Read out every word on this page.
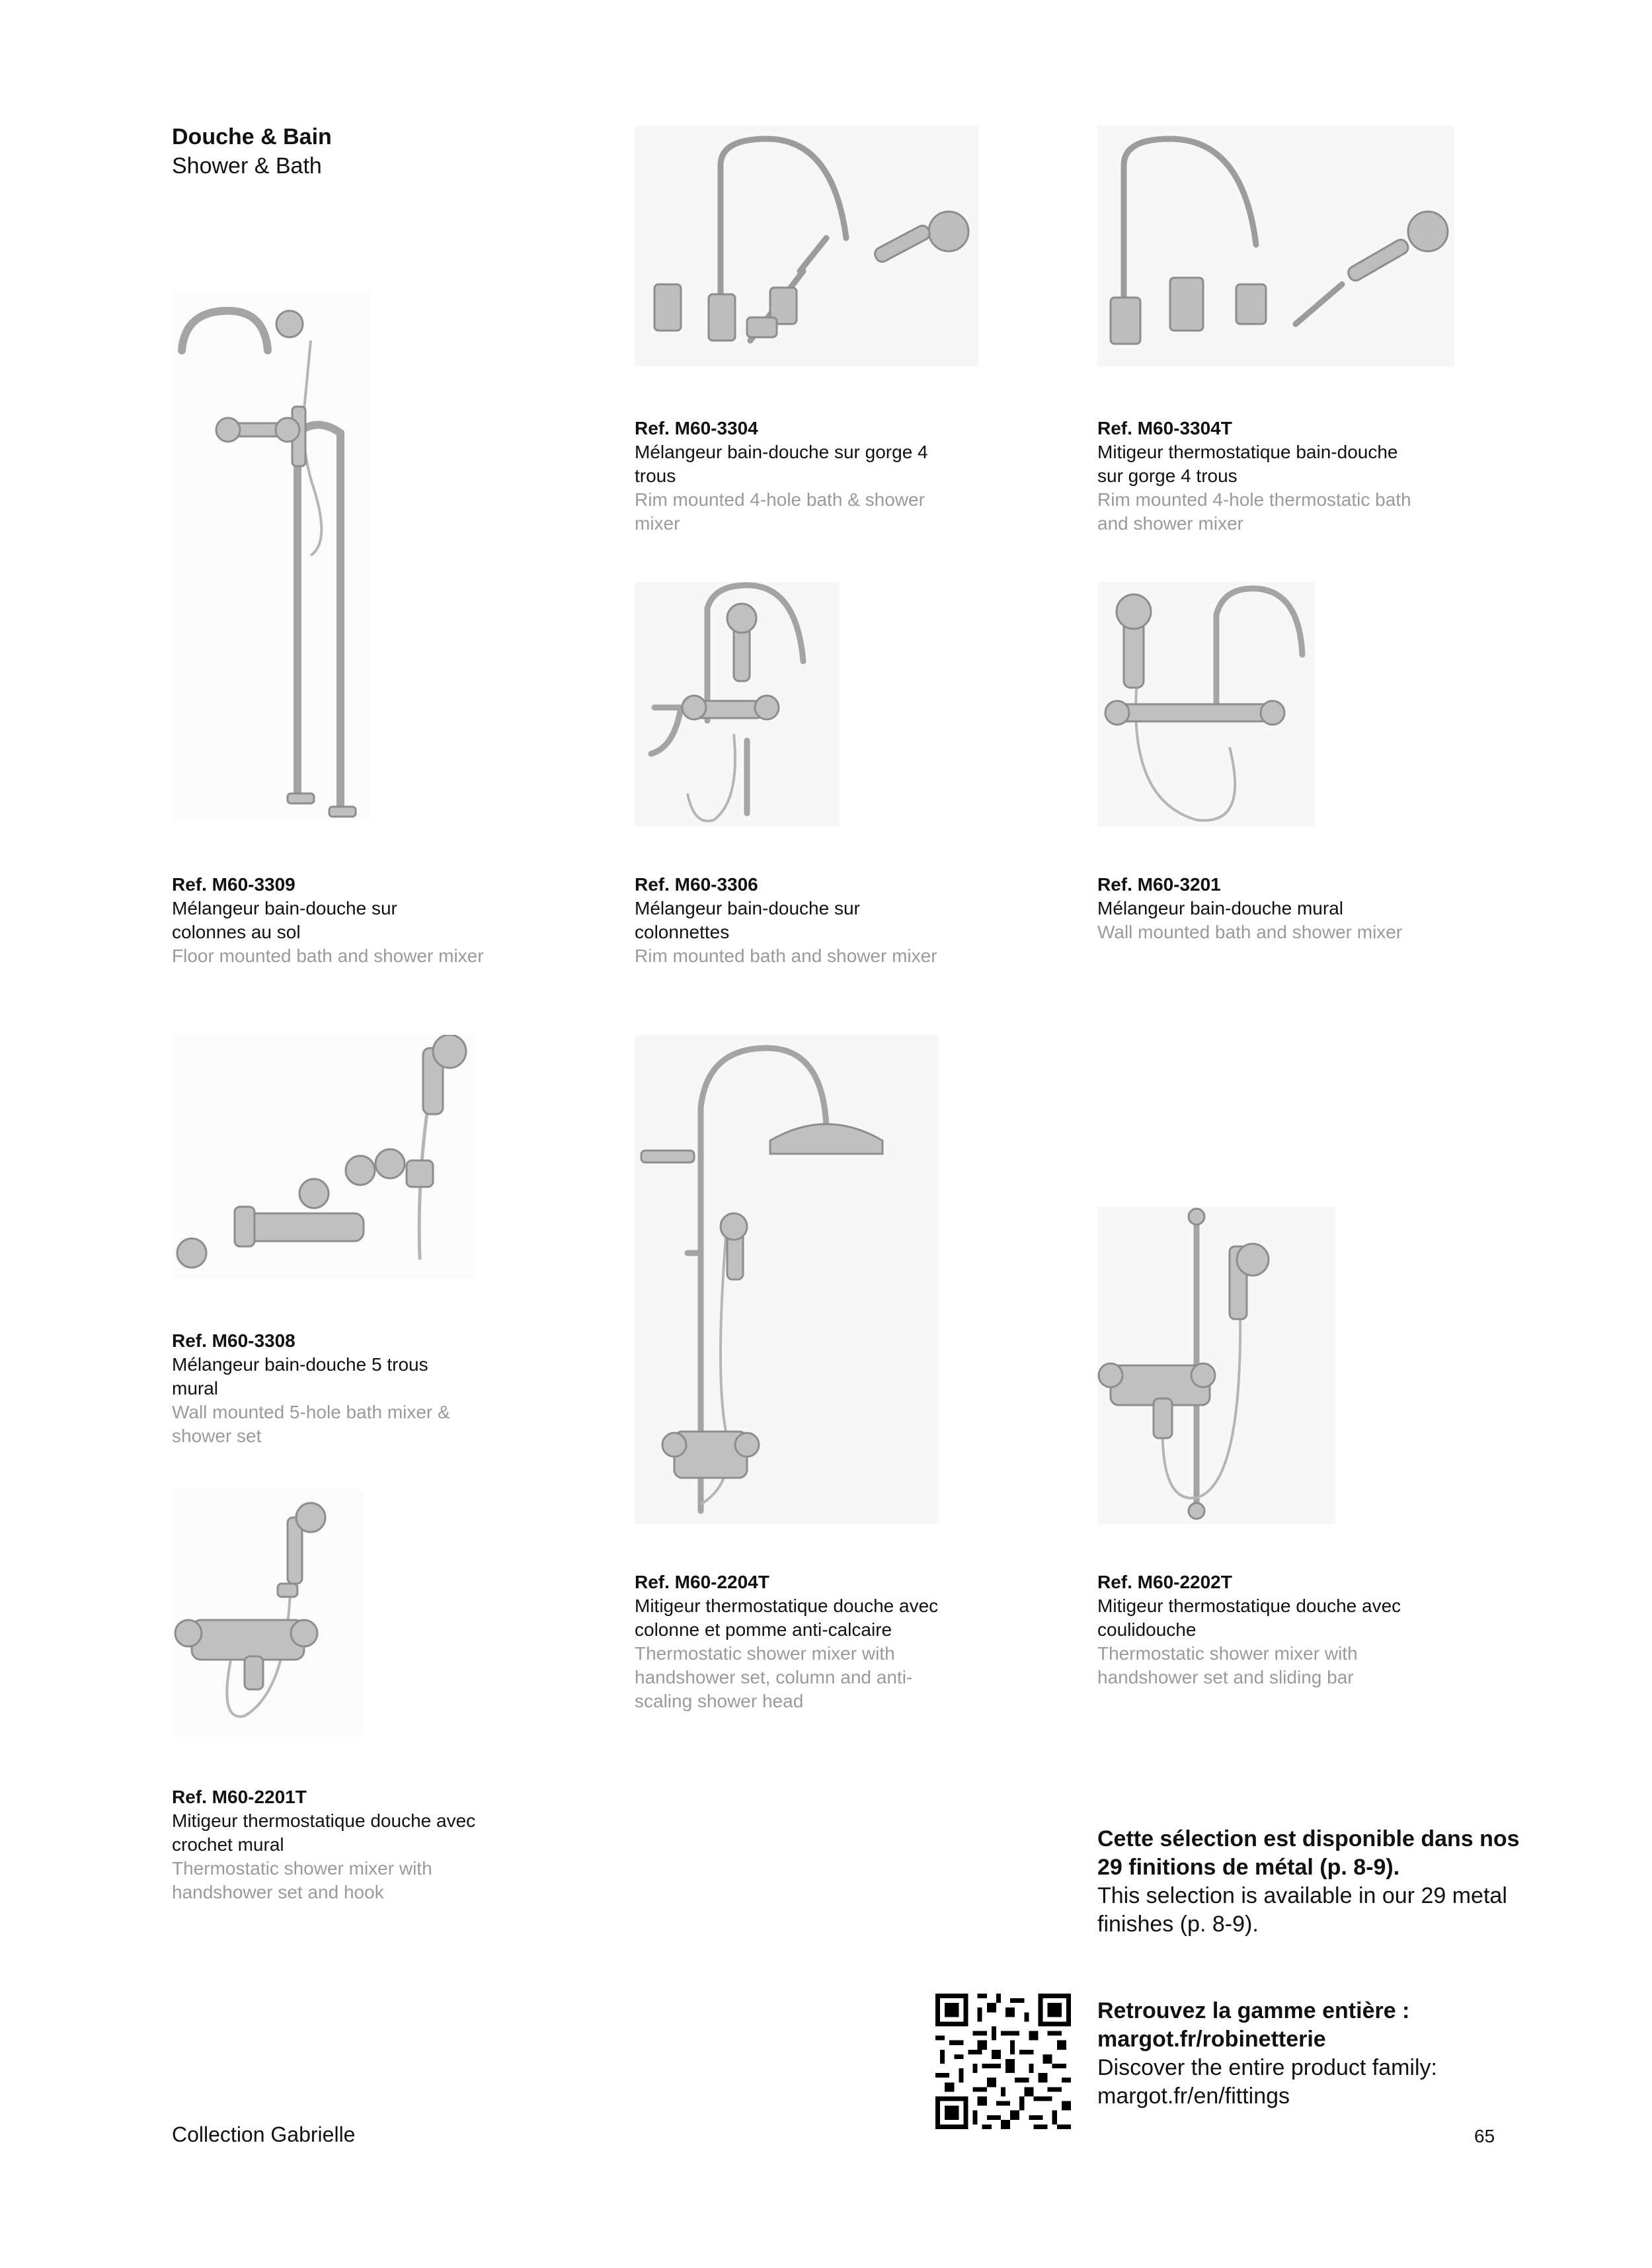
Douche & Bain
Shower & Bath
Ref. M60-3304
Mélangeur bain-douche sur gorge 4 trous
Rim mounted 4-hole bath & shower mixer
Ref. M60-3304T
Mitigeur thermostatique bain-douche sur gorge 4 trous
Rim mounted 4-hole thermostatic bath and shower mixer
Ref. M60-3309
Mélangeur bain-douche sur colonnes au sol
Floor mounted bath and shower mixer
Ref. M60-3306
Mélangeur bain-douche sur colonnettes
Rim mounted bath and shower mixer
Ref. M60-3201
Mélangeur bain-douche mural
Wall mounted bath and shower mixer
Ref. M60-3308
Mélangeur bain-douche 5 trous mural
Wall mounted 5-hole bath mixer & shower set
Ref. M60-2204T
Mitigeur thermostatique douche avec colonne et pomme anti-calcaire
Thermostatic shower mixer with handshower set, column and anti-scaling shower head
Ref. M60-2202T
Mitigeur thermostatique douche avec coulidouche
Thermostatic shower mixer with handshower set and sliding bar
Ref. M60-2201T
Mitigeur thermostatique douche avec crochet mural
Thermostatic shower mixer with handshower set and hook
Cette sélection est disponible dans nos 29 finitions de métal (p. 8-9).
This selection is available in our 29 metal finishes (p. 8-9).
Retrouvez la gamme entière :
margot.fr/robinetterie
Discover the entire product family:
margot.fr/en/fittings
Collection Gabrielle	65
